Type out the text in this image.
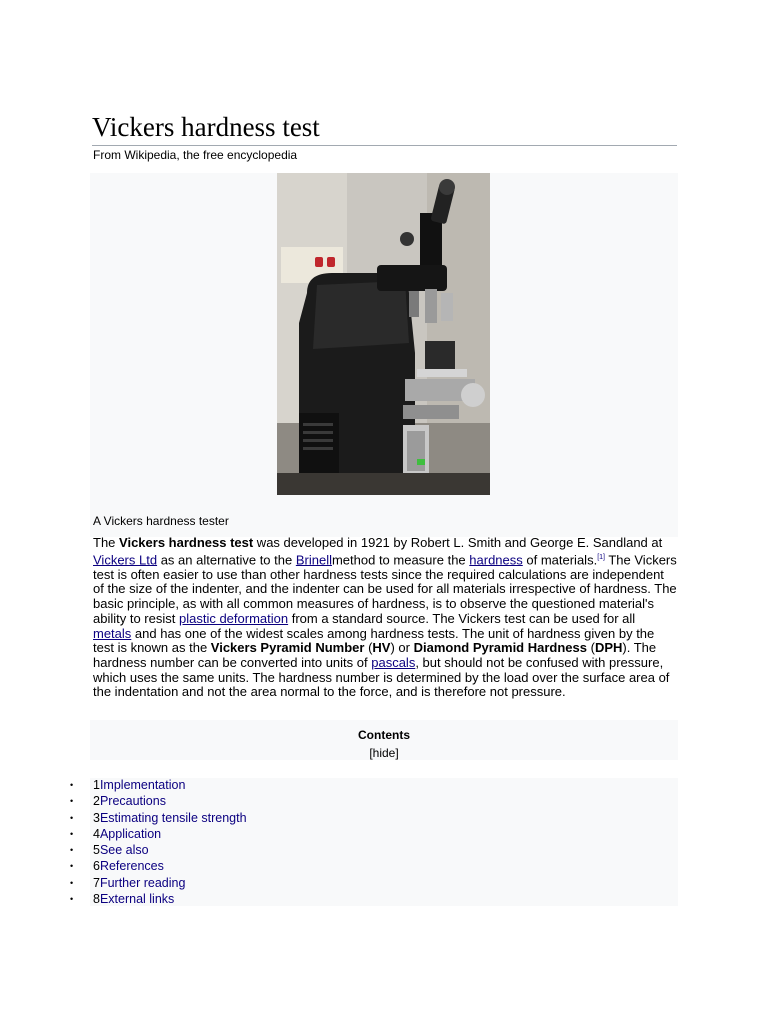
Vickers hardness test
From Wikipedia, the free encyclopedia
A Vickers hardness tester

The Vickers hardness test was developed in 1921 by Robert L. Smith and George E. Sandland at Vickers Ltd as an alternative to the Brinellmethod to measure the hardness of materials.[1] The Vickers test is often easier to use than other hardness tests since the required calculations are independent of the size of the indenter, and the indenter can be used for all materials irrespective of hardness. The basic principle, as with all common measures of hardness, is to observe the questioned material's ability to resist plastic deformation from a standard source. The Vickers test can be used for all metals and has one of the widest scales among hardness tests. The unit of hardness given by the test is known as the Vickers Pyramid Number (HV) or Diamond Pyramid Hardness (DPH). The hardness number can be converted into units of pascals, but should not be confused with pressure, which uses the same units. The hardness number is determined by the load over the surface area of the indentation and not the area normal to the force, and is therefore not pressure.

Contents
[hide]
• 1Implementation
• 2Precautions
• 3Estimating tensile strength
• 4Application
• 5See also
• 6References
• 7Further reading
• 8External links
